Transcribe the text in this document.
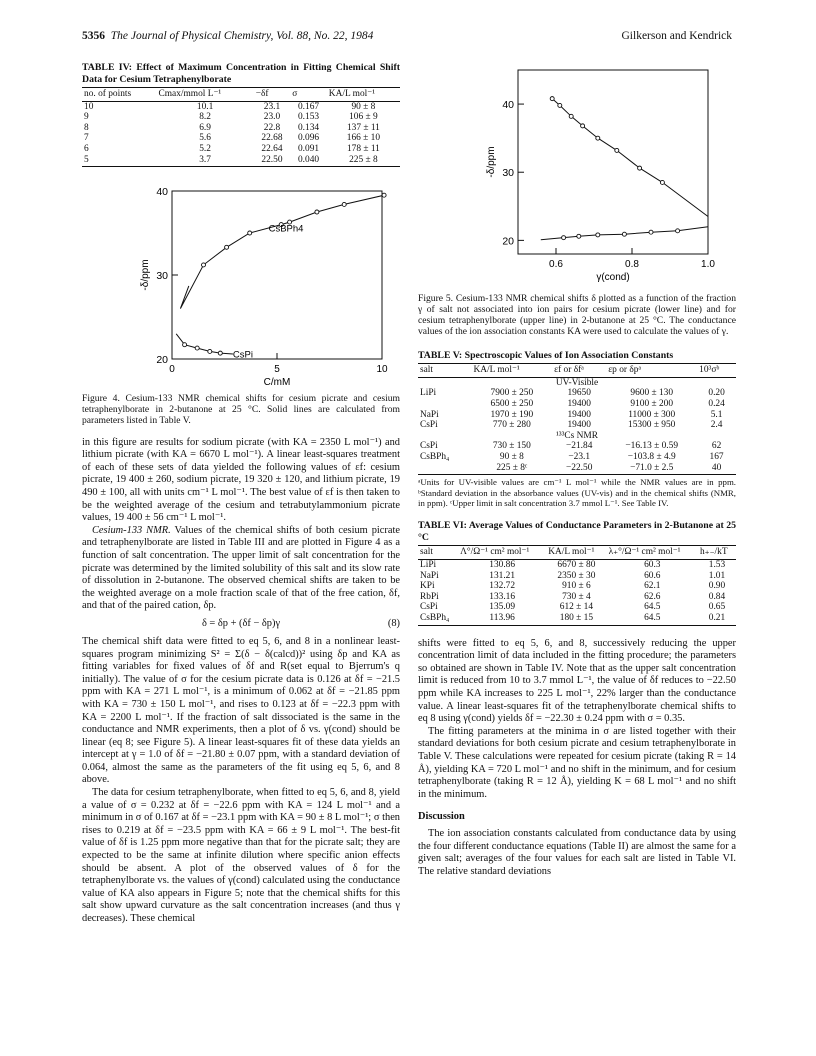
5356 The Journal of Physical Chemistry, Vol. 88, No. 22, 1984	Gilkerson and Kendrick
TABLE IV: Effect of Maximum Concentration in Fitting Chemical Shift Data for Cesium Tetraphenylborate
no. of points	Cmax/mmol L⁻¹	−δf	σ	KA/L mol⁻¹
10	10.1	23.1	0.167	90 ± 8
9	8.2	23.0	0.153	106 ± 9
8	6.9	22.8	0.134	137 ± 11
7	5.6	22.68	0.096	166 ± 10
6	5.2	22.64	0.091	178 ± 11
5	3.7	22.50	0.040	225 ± 8
20
30
40
0	5	10
C/mM
-δ/ppm
CsBPh4
CsPi
Figure 4. Cesium-133 NMR chemical shifts for cesium picrate and cesium tetraphenylborate in 2-butanone at 25 °C. Solid lines are calculated from parameters listed in Table V.

in this figure are results for sodium picrate (with KA = 2350 L mol⁻¹) and lithium picrate (with KA = 6670 L mol⁻¹). A linear least-squares treatment of each of these sets of data yielded the following values of εf: cesium picrate, 19 400 ± 260, sodium picrate, 19 320 ± 120, and lithium picrate, 19 490 ± 100, all with units cm⁻¹ L mol⁻¹. The best value of εf is then taken to be the weighted average of the cesium and tetrabutylammonium picrate values, 19 400 ± 56 cm⁻¹ L mol⁻¹.

Cesium-133 NMR. Values of the chemical shifts of both cesium picrate and tetraphenylborate are listed in Table III and are plotted in Figure 4 as a function of salt concentration. The upper limit of salt concentration for the picrate was determined by the limited solubility of this salt and its slow rate of dissolution in 2-butanone. The observed chemical shifts are taken to be the weighted average on a mole fraction scale of that of the free cation, δf, and that of the paired cation, δp.

δ = δp + (δf − δp)γ	(8)

The chemical shift data were fitted to eq 5, 6, and 8 in a nonlinear least-squares program minimizing S² = Σ(δ − δ(calcd))² using δp and KA as fitting variables for fixed values of δf and R(set equal to Bjerrum's q initially). The value of σ for the cesium picrate data is 0.126 at δf = −21.5 ppm with KA = 271 L mol⁻¹, is a minimum of 0.062 at δf = −21.85 ppm with KA = 730 ± 150 L mol⁻¹, and rises to 0.123 at δf = −22.3 ppm with KA = 2200 L mol⁻¹. If the fraction of salt dissociated is the same in the conductance and NMR experiments, then a plot of δ vs. γ(cond) should be linear (eq 8; see Figure 5). A linear least-squares fit of these data yields an intercept at γ = 1.0 of δf = −21.80 ± 0.07 ppm, with a standard deviation of 0.064, almost the same as the parameters of the fit using eq 5, 6, and 8 above.

The data for cesium tetraphenylborate, when fitted to eq 5, 6, and 8, yield a value of σ = 0.232 at δf = −22.6 ppm with KA = 124 L mol⁻¹ and a minimum in σ of 0.167 at δf = −23.1 ppm with KA = 90 ± 8 L mol⁻¹; σ then rises to 0.219 at δf = −23.5 ppm with KA = 66 ± 9 L mol⁻¹. The best-fit value of δf is 1.25 ppm more negative than that for the picrate salt; they are expected to be the same at infinite dilution where specific anion effects should be absent. A plot of the observed values of δ for the tetraphenylborate vs. the values of γ(cond) calculated using the conductance value of KA also appears in Figure 5; note that the chemical shifts for this salt show upward curvature as the salt concentration increases (and thus γ decreases). These chemical

20
30
40
0.6	0.8	1.0
γ(cond)
-δ/ppm
Figure 5. Cesium-133 NMR chemical shifts δ plotted as a function of the fraction γ of salt not associated into ion pairs for cesium picrate (lower line) and for cesium tetraphenylborate (upper line) in 2-butanone at 25 °C. The conductance values of the ion association constants KA were used to calculate the values of γ.
TABLE V: Spectroscopic Values of Ion Association Constants
salt	KA/L mol⁻¹	εf or δfᵃ	εp or δpᵃ	10³σᵇ
UV-Visible				
LiPi	7900 ± 250	19650	9600 ± 130	0.20
	6500 ± 250	19400	9100 ± 200	0.24
NaPi	1970 ± 190	19400	11000 ± 300	5.1
CsPi	770 ± 280	19400	15300 ± 950	2.4
¹³³Cs NMR				
CsPi	730 ± 150	−21.84	−16.13 ± 0.59	62
CsBPh₄	90 ± 8	−23.1	−103.8 ± 4.9	167
	225 ± 8ᶜ	−22.50	−71.0 ± 2.5	40
ᵃUnits for UV-visible values are cm⁻¹ L mol⁻¹ while the NMR values are in ppm. ᵇStandard deviation in the absorbance values (UV-vis) and in the chemical shifts (NMR, in ppm). ᶜUpper limit in salt concentration 3.7 mmol L⁻¹. See Table IV.
TABLE VI: Average Values of Conductance Parameters in 2-Butanone at 25 °C
salt	Λ°/Ω⁻¹ cm² mol⁻¹	KA/L mol⁻¹	λ₊°/Ω⁻¹ cm² mol⁻¹	h₊₋/kT
LiPi	130.86	6670 ± 80	60.3	1.53
NaPi	131.21	2350 ± 30	60.6	1.01
KPi	132.72	910 ± 6	62.1	0.90
RbPi	133.16	730 ± 4	62.6	0.84
CsPi	135.09	612 ± 14	64.5	0.65
CsBPh₄	113.96	180 ± 15	64.5	0.21

shifts were fitted to eq 5, 6, and 8, successively reducing the upper concentration limit of data included in the fitting procedure; the parameters so obtained are shown in Table IV. Note that as the upper salt concentration limit is reduced from 10 to 3.7 mmol L⁻¹, the value of δf reduces to −22.50 ppm while KA increases to 225 L mol⁻¹, 22% larger than the conductance value. A linear least-squares fit of the tetraphenylborate chemical shifts to eq 8 using γ(cond) yields δf = −22.30 ± 0.24 ppm with σ = 0.35.

The fitting parameters at the minima in σ are listed together with their standard deviations for both cesium picrate and cesium tetraphenylborate in Table V. These calculations were repeated for cesium picrate (taking R = 14 Å), yielding KA = 720 L mol⁻¹ and no shift in the minimum, and for cesium tetraphenylborate (taking R = 12 Å), yielding K = 68 L mol⁻¹ and no shift in the minimum.

Discussion

The ion association constants calculated from conductance data by using the four different conductance equations (Table II) are almost the same for a given salt; averages of the four values for each salt are listed in Table VI. The relative standard deviations
